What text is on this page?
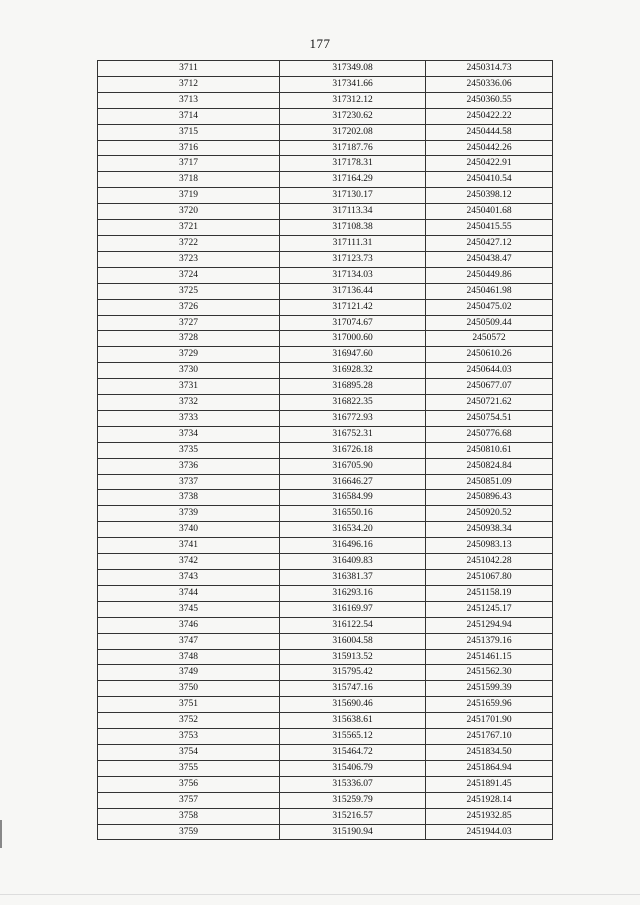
177
3711	317349.08	2450314.73
3712	317341.66	2450336.06
3713	317312.12	2450360.55
3714	317230.62	2450422.22
3715	317202.08	2450444.58
3716	317187.76	2450442.26
3717	317178.31	2450422.91
3718	317164.29	2450410.54
3719	317130.17	2450398.12
3720	317113.34	2450401.68
3721	317108.38	2450415.55
3722	317111.31	2450427.12
3723	317123.73	2450438.47
3724	317134.03	2450449.86
3725	317136.44	2450461.98
3726	317121.42	2450475.02
3727	317074.67	2450509.44
3728	317000.60	2450572
3729	316947.60	2450610.26
3730	316928.32	2450644.03
3731	316895.28	2450677.07
3732	316822.35	2450721.62
3733	316772.93	2450754.51
3734	316752.31	2450776.68
3735	316726.18	2450810.61
3736	316705.90	2450824.84
3737	316646.27	2450851.09
3738	316584.99	2450896.43
3739	316550.16	2450920.52
3740	316534.20	2450938.34
3741	316496.16	2450983.13
3742	316409.83	2451042.28
3743	316381.37	2451067.80
3744	316293.16	2451158.19
3745	316169.97	2451245.17
3746	316122.54	2451294.94
3747	316004.58	2451379.16
3748	315913.52	2451461.15
3749	315795.42	2451562.30
3750	315747.16	2451599.39
3751	315690.46	2451659.96
3752	315638.61	2451701.90
3753	315565.12	2451767.10
3754	315464.72	2451834.50
3755	315406.79	2451864.94
3756	315336.07	2451891.45
3757	315259.79	2451928.14
3758	315216.57	2451932.85
3759	315190.94	2451944.03
